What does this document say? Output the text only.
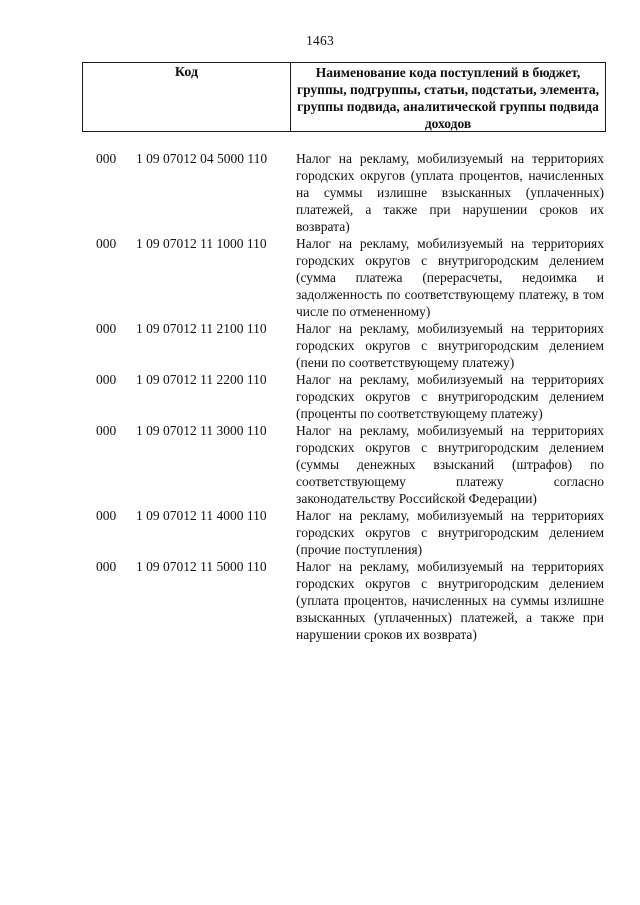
1463
Код	Наименование кода поступлений в бюджет, группы, подгруппы, статьи, подстатьи, элемента, группы подвида, аналитической группы подвида доходов
000	1 09 07012 04 5000 110	Налог на рекламу, мобилизуемый на территориях городских округов (уплата процентов, начисленных на суммы излишне взысканных (уплаченных) платежей, а также при нарушении сроков их возврата)
000	1 09 07012 11 1000 110	Налог на рекламу, мобилизуемый на территориях городских округов с внутригородским делением (сумма платежа (перерасчеты, недоимка и задолженность по соответствующему платежу, в том числе по отмененному)
000	1 09 07012 11 2100 110	Налог на рекламу, мобилизуемый на территориях городских округов с внутригородским делением (пени по соответствующему платежу)
000	1 09 07012 11 2200 110	Налог на рекламу, мобилизуемый на территориях городских округов с внутригородским делением (проценты по соответствующему платежу)
000	1 09 07012 11 3000 110	Налог на рекламу, мобилизуемый на территориях городских округов с внутригородским делением (суммы денежных взысканий (штрафов) по соответствующему платежу согласно законодательству Российской Федерации)
000	1 09 07012 11 4000 110	Налог на рекламу, мобилизуемый на территориях городских округов с внутригородским делением (прочие поступления)
000	1 09 07012 11 5000 110	Налог на рекламу, мобилизуемый на территориях городских округов с внутригородским делением (уплата процентов, начисленных на суммы излишне взысканных (уплаченных) платежей, а также при нарушении сроков их возврата)
